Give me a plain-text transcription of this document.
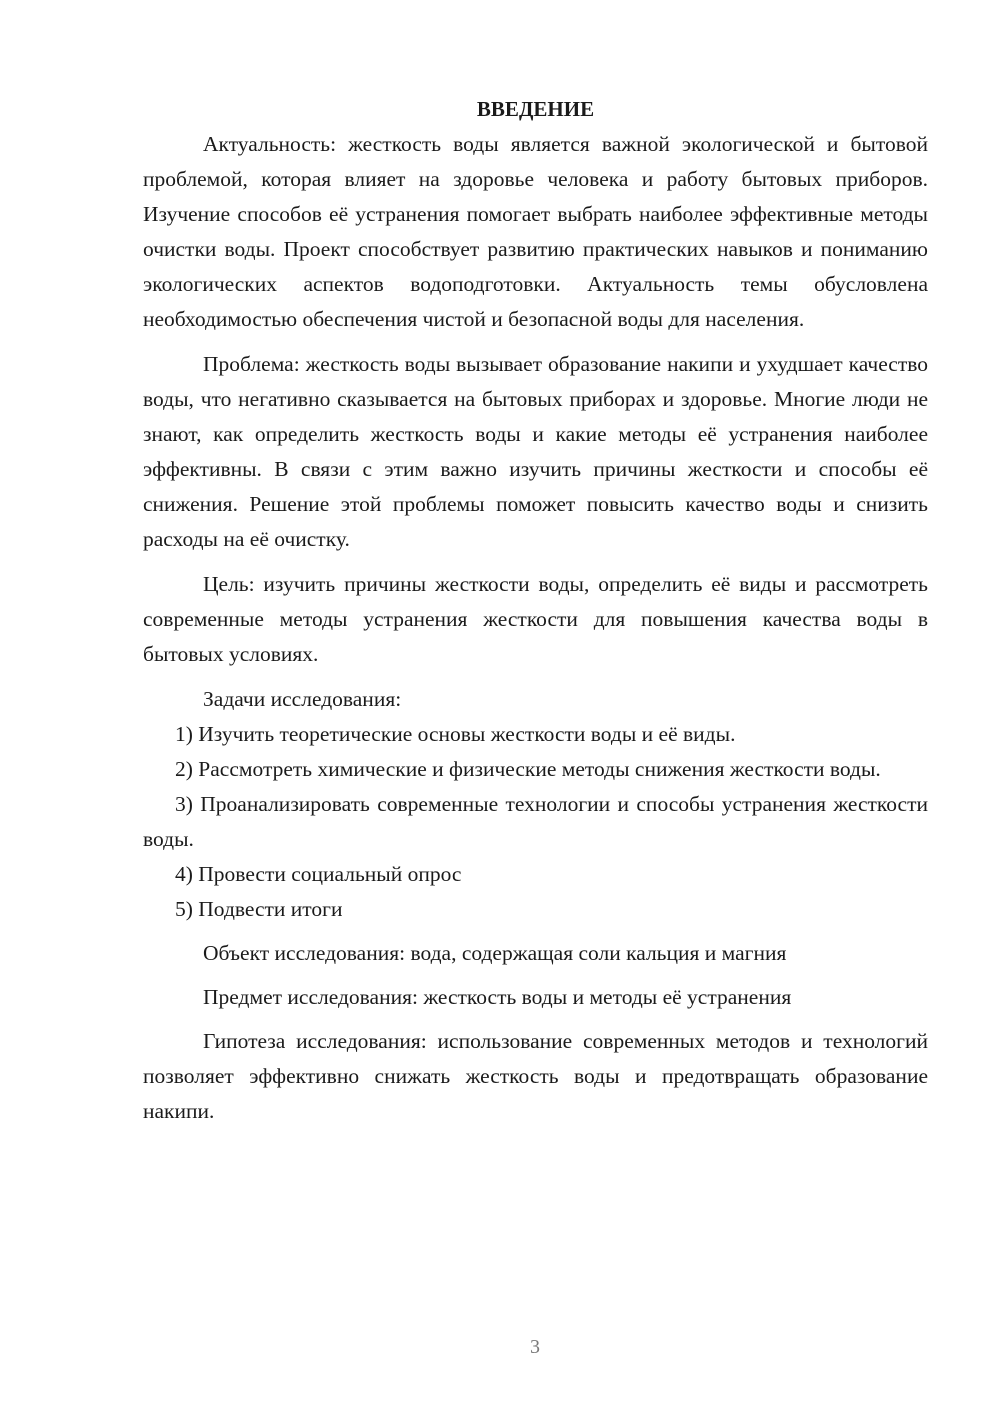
ВВЕДЕНИЕ

Актуальность: жесткость воды является важной экологической и бытовой проблемой, которая влияет на здоровье человека и работу бытовых приборов. Изучение способов её устранения помогает выбрать наиболее эффективные методы очистки воды. Проект способствует развитию практических навыков и пониманию экологических аспектов водоподготовки. Актуальность темы обусловлена необходимостью обеспечения чистой и безопасной воды для населения.

Проблема: жесткость воды вызывает образование накипи и ухудшает качество воды, что негативно сказывается на бытовых приборах и здоровье. Многие люди не знают, как определить жесткость воды и какие методы её устранения наиболее эффективны. В связи с этим важно изучить причины жесткости и способы её снижения. Решение этой проблемы поможет повысить качество воды и снизить расходы на её очистку.

Цель: изучить причины жесткости воды, определить её виды и рассмотреть современные методы устранения жесткости для повышения качества воды в бытовых условиях.

Задачи исследования:

1) Изучить теоретические основы жесткости воды и её виды.

2) Рассмотреть химические и физические методы снижения жесткости воды.

3) Проанализировать современные технологии и способы устранения жесткости воды.

4) Провести социальный опрос

5) Подвести итоги

Объект исследования: вода, содержащая соли кальция и магния

Предмет исследования: жесткость воды и методы её устранения

Гипотеза исследования: использование современных методов и технологий позволяет эффективно снижать жесткость воды и предотвращать образование накипи.

3
